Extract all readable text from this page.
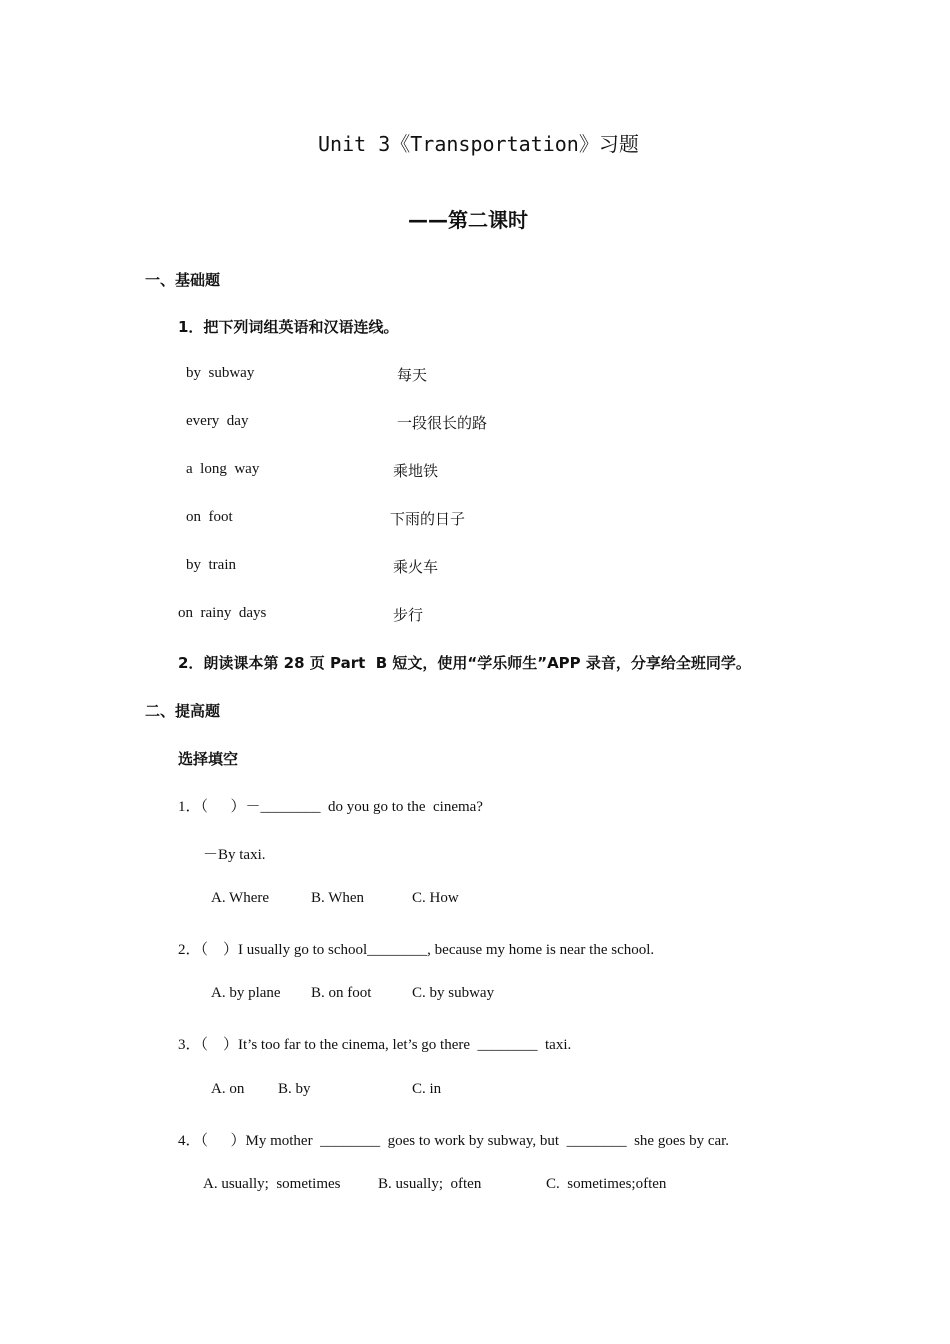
Unit 3《Transportation》习题
——第二课时
一、基础题
1．把下列词组英语和汉语连线。
by  subway
every  day
a  long  way
on  foot
by  train
on  rainy  days
每天
一段很长的路
乘地铁
下雨的日子
乘火车
步行
2．朗读课本第 28 页 Part  B 短文，使用“学乐师生”APP 录音，分享给全班同学。
二、提高题
选择填空
1．（      ）－________  do you go to the  cinema?
－By taxi.
A. Where	B. When	C. How
2．（    ）I usually go to school________, because my home is near the school.
A. by plane B. on foot	C. by subway
3．（    ）It’s too far to the cinema, let’s go there  ________  taxi.
A. on B. by	C. in
4．（      ）My mother  ________  goes to work by subway, but  ________  she goes by car.
A. usually;  sometimes	B. usually;  often	C.  sometimes;often
